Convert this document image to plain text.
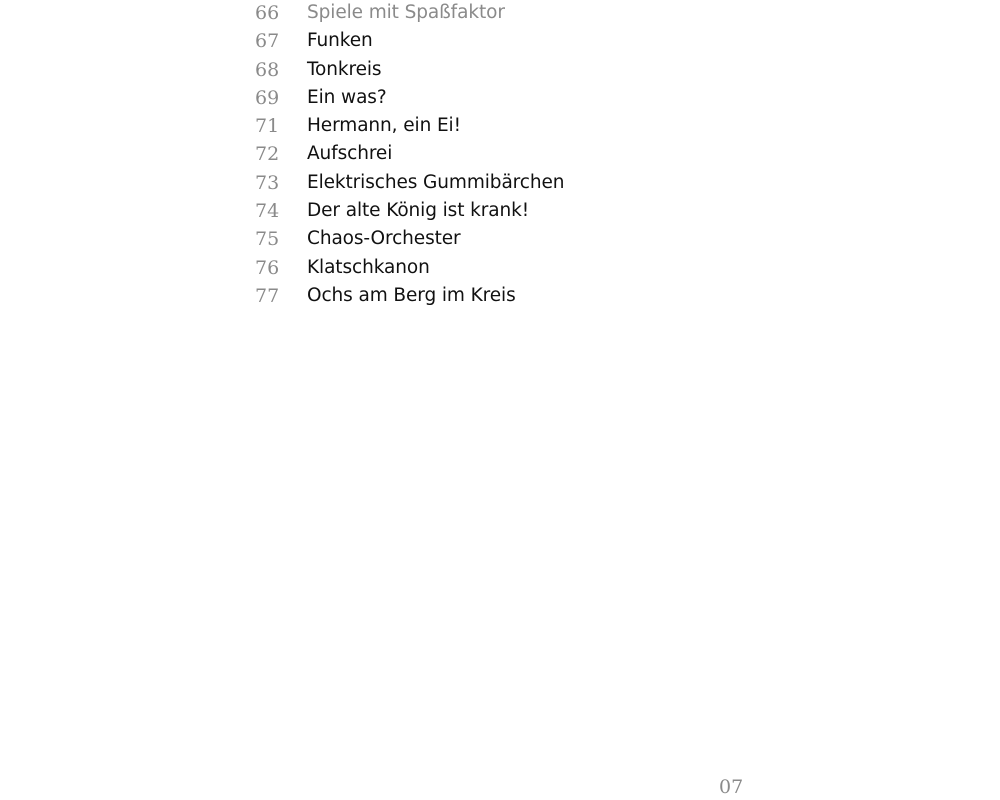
66	Spiele mit Spaßfaktor
67	Funken
68	Tonkreis
69	Ein was?
71	Hermann, ein Ei!
72	Aufschrei
73	Elektrisches Gummibärchen
74	Der alte König ist krank!
75	Chaos-Orchester
76	Klatschkanon
77	Ochs am Berg im Kreis
07
